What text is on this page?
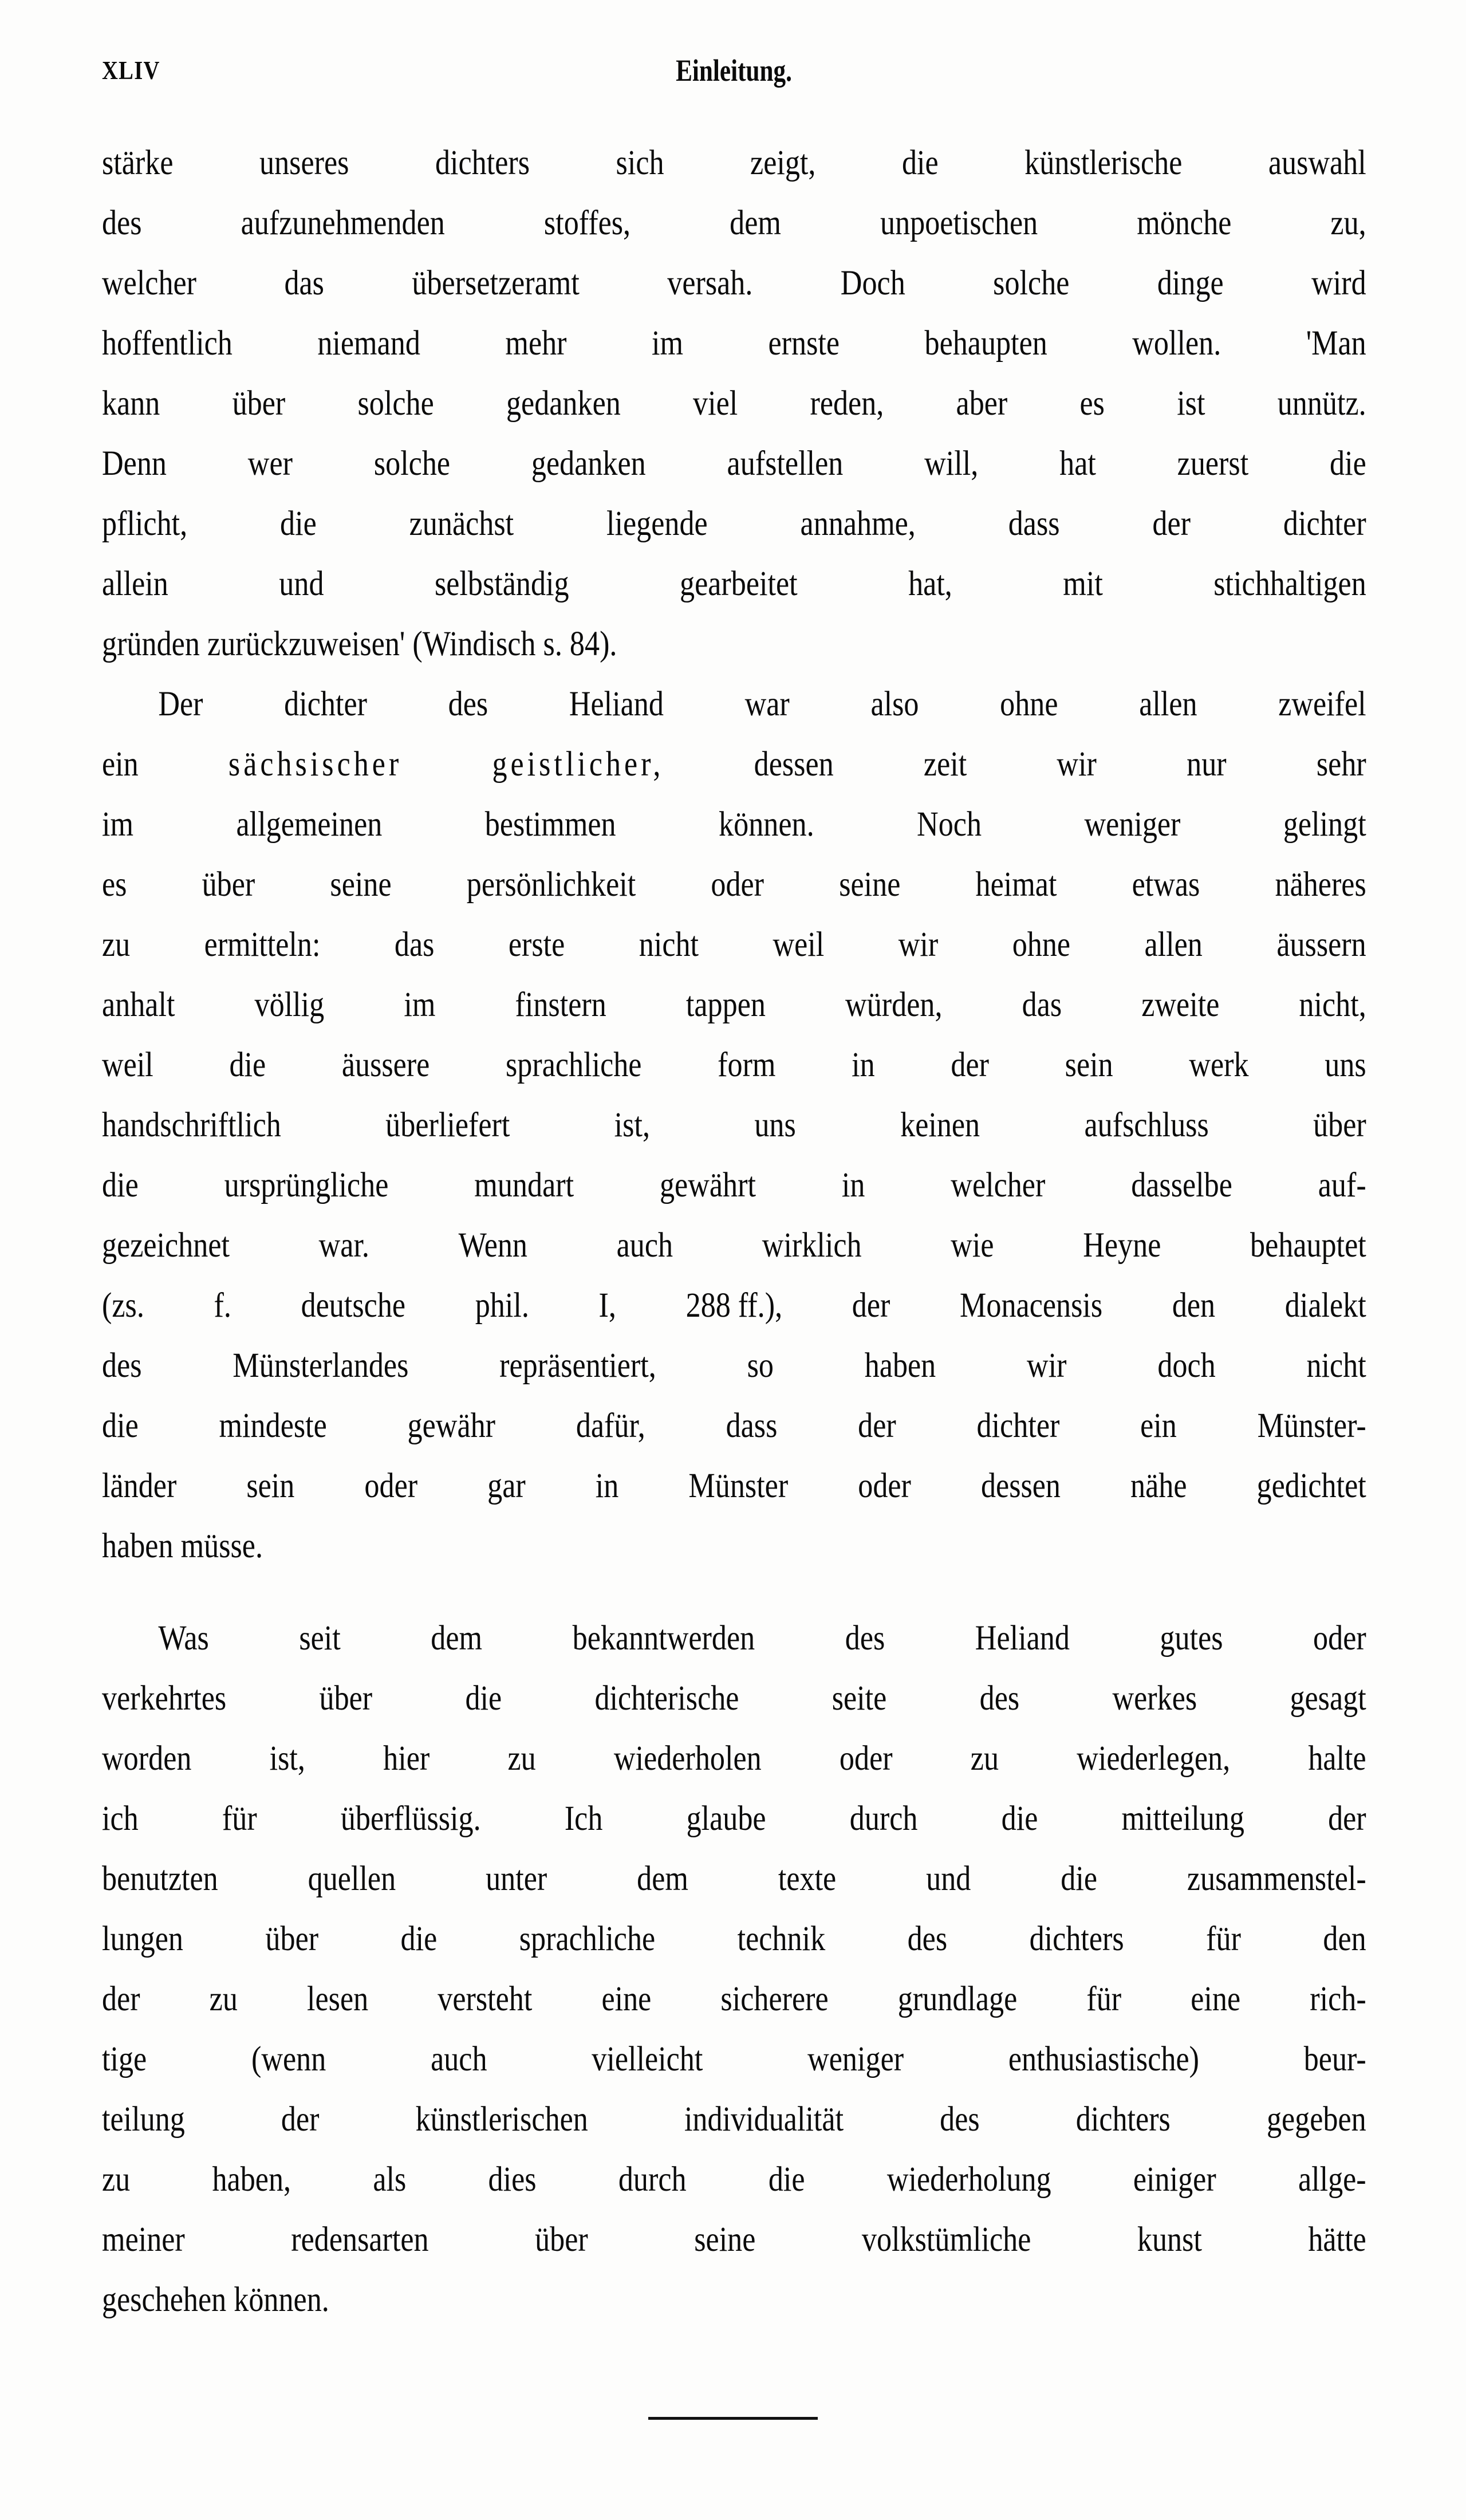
XLIV	Einleitung.

stärke unseres dichters sich zeigt, die künstlerische auswahl
des	aufzunehmenden	stoffes,	dem	unpoetischen	mönche	zu,
welcher	das	übersetzeramt	versah.	Doch	solche	dinge	wird
hoffentlich niemand mehr im ernste behaupten wollen. 'Man
kann über solche gedanken viel reden, aber es ist unnütz.
Denn wer solche gedanken aufstellen will, hat zuerst die
pflicht,	die	zunächst	liegende	annahme,	dass	der	dichter
allein	und	selbständig	gearbeitet	hat,	mit	stichhaltigen
gründen zurückzuweisen' (Windisch s. 84).

Der dichter des Heliand war also ohne allen zweifel
ein	sächsischer	geistlicher,	dessen	zeit	wir	nur	sehr
im	allgemeinen	bestimmen	können.	Noch	weniger	gelingt
es über seine persönlichkeit oder seine heimat etwas näheres
zu ermitteln: das erste nicht weil wir ohne allen äussern
anhalt völlig im finstern tappen würden, das zweite nicht,
weil die äussere sprachliche form in der sein werk uns
handschriftlich	überliefert	ist,	uns	keinen	aufschluss	über
die ursprüngliche mundart gewährt in welcher dasselbe auf-
gezeichnet	war.	Wenn	auch	wirklich	wie	Heyne	behauptet
(zs. f. deutsche phil. I, 288 ff.), der Monacensis den dialekt
des	Münsterlandes	repräsentiert,	so	haben	wir	doch	nicht
die mindeste gewähr dafür, dass der dichter ein Münster-
länder sein oder gar in Münster oder dessen nähe gedichtet
haben müsse.

Was	seit	dem	bekanntwerden	des	Heliand	gutes	oder
verkehrtes	über	die	dichterische	seite	des	werkes	gesagt
worden ist, hier zu wiederholen oder zu wiederlegen, halte
ich für überflüssig. Ich glaube durch die mitteilung der
benutzten	quellen	unter	dem	texte	und	die	zusammenstel-
lungen über die sprachliche technik des dichters für den
der zu lesen versteht eine sicherere grundlage für eine rich-
tige	(wenn	auch	vielleicht	weniger	enthusiastische)	beur-
teilung	der	künstlerischen	individualität	des	dichters	gegeben
zu haben, als dies durch die wiederholung einiger allge-
meiner	redensarten	über	seine	volkstümliche	kunst	hätte
geschehen können.
